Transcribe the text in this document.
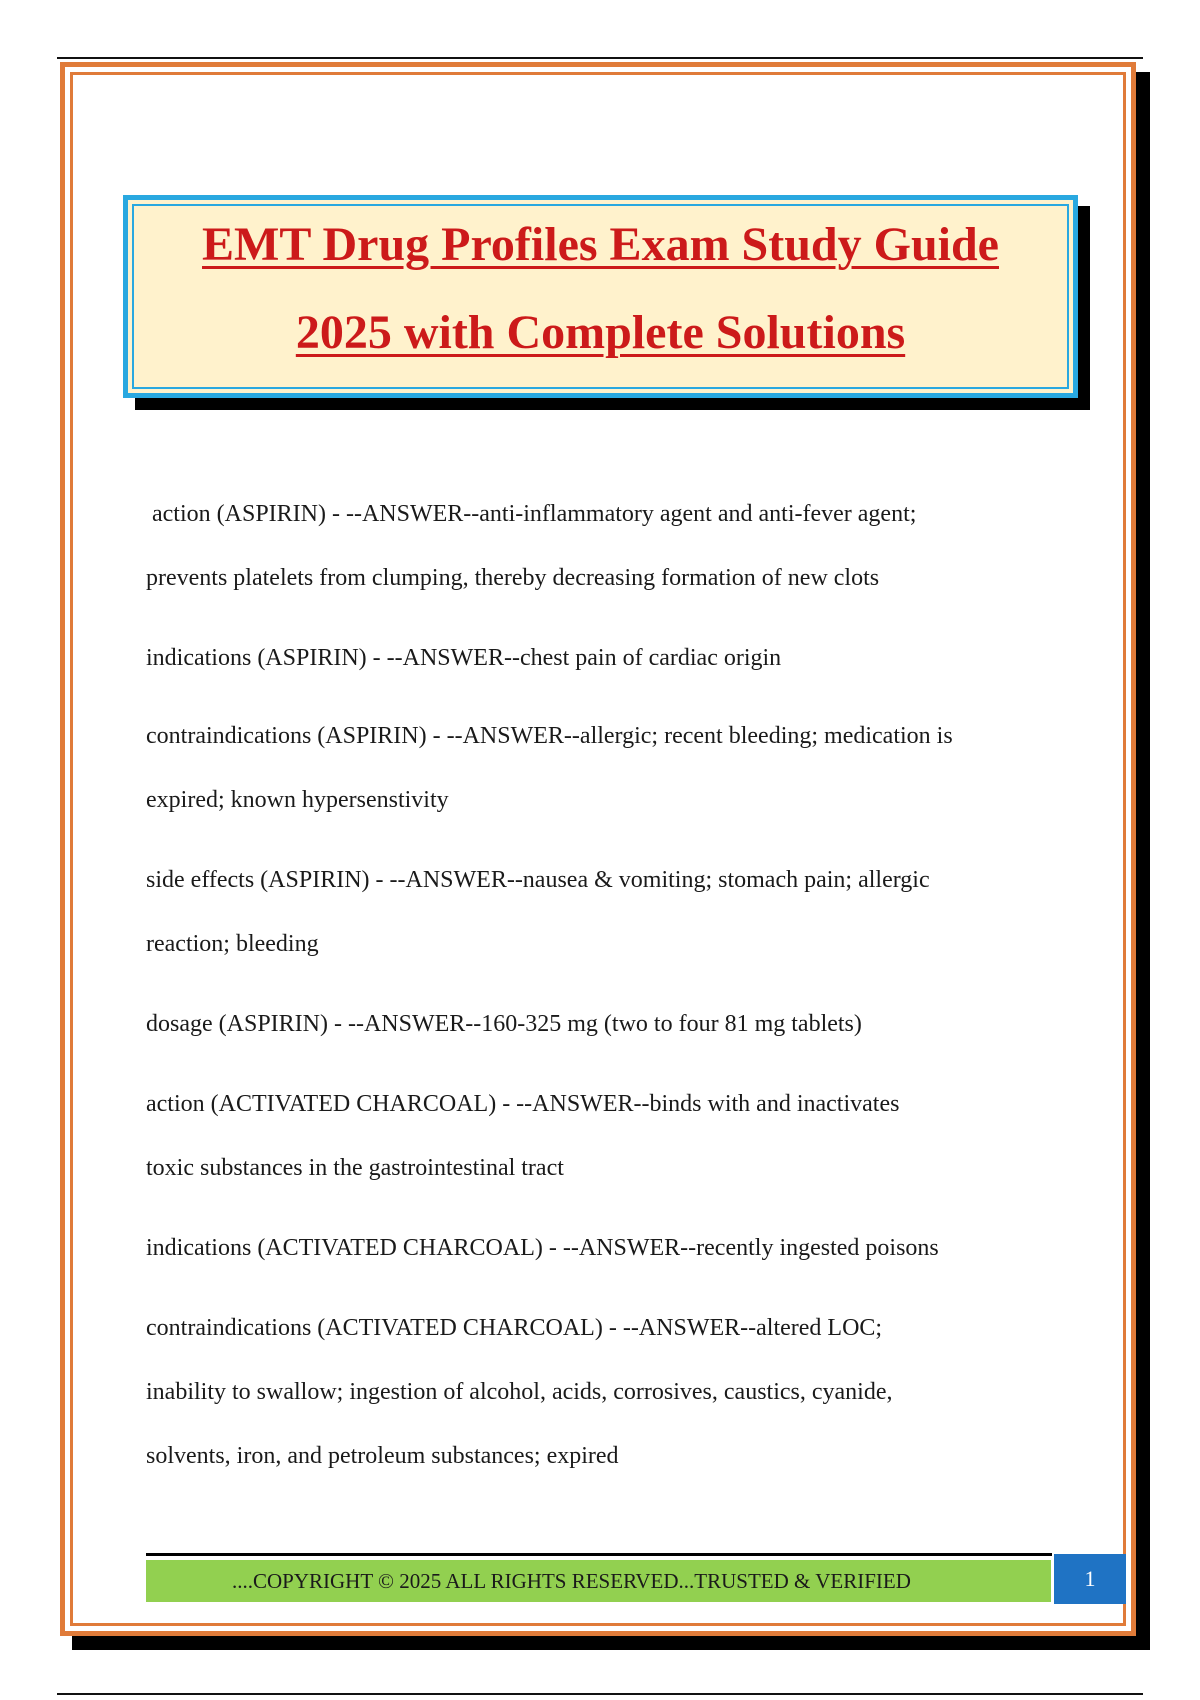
EMT Drug Profiles Exam Study Guide
2025 with Complete Solutions
action (ASPIRIN) - --ANSWER--anti-inflammatory agent and anti-fever agent;
prevents platelets from clumping, thereby decreasing formation of new clots
indications (ASPIRIN) - --ANSWER--chest pain of cardiac origin
contraindications (ASPIRIN) - --ANSWER--allergic; recent bleeding; medication is
expired; known hypersenstivity
side effects (ASPIRIN) - --ANSWER--nausea & vomiting; stomach pain; allergic
reaction; bleeding
dosage (ASPIRIN) - --ANSWER--160-325 mg (two to four 81 mg tablets)
action (ACTIVATED CHARCOAL) - --ANSWER--binds with and inactivates
toxic substances in the gastrointestinal tract
indications (ACTIVATED CHARCOAL) - --ANSWER--recently ingested poisons
contraindications (ACTIVATED CHARCOAL) - --ANSWER--altered LOC;
inability to swallow; ingestion of alcohol, acids, corrosives, caustics, cyanide,
solvents, iron, and petroleum substances; expired
....COPYRIGHT © 2025 ALL RIGHTS RESERVED...TRUSTED & VERIFIED	1
